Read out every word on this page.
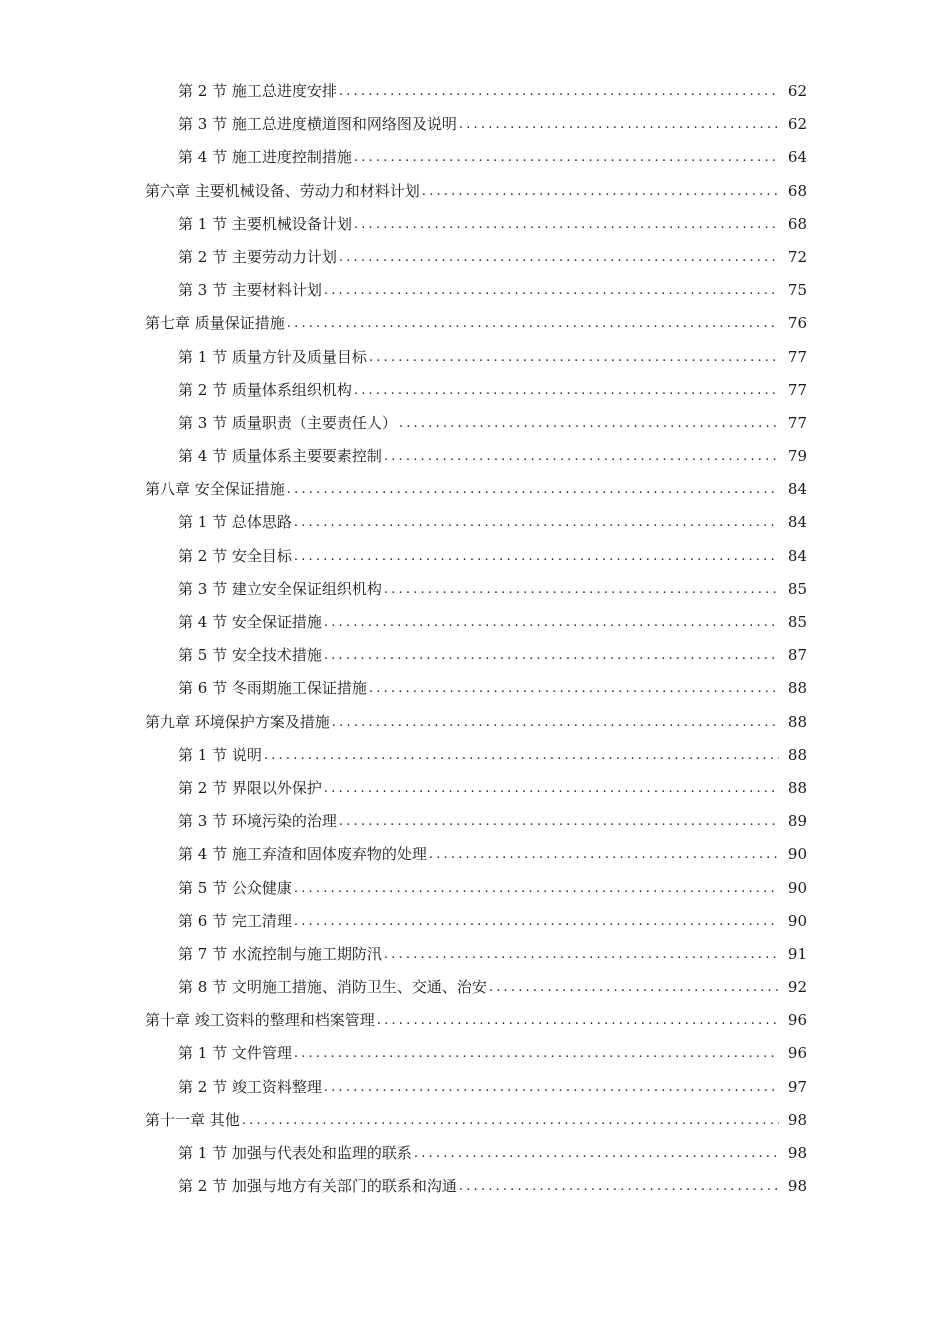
第 2 节 施工总进度安排 .....	62
第 3 节 施工总进度横道图和网络图及说明 .....	62
第 4 节 施工进度控制措施 .....	64
第六章 主要机械设备、劳动力和材料计划 .....	68
第 1 节 主要机械设备计划 .....	68
第 2 节 主要劳动力计划 .....	72
第 3 节 主要材料计划 .....	75
第七章 质量保证措施 .....	76
第 1 节 质量方针及质量目标 .....	77
第 2 节 质量体系组织机构 .....	77
第 3 节 质量职责（主要责任人） .....	77
第 4 节 质量体系主要要素控制 .....	79
第八章 安全保证措施 .....	84
第 1 节 总体思路 .....	84
第 2 节 安全目标 .....	84
第 3 节 建立安全保证组织机构 .....	85
第 4 节 安全保证措施 .....	85
第 5 节 安全技术措施 .....	87
第 6 节 冬雨期施工保证措施 .....	88
第九章 环境保护方案及措施 .....	88
第 1 节 说明 .....	88
第 2 节 界限以外保护 .....	88
第 3 节 环境污染的治理 .....	89
第 4 节 施工弃渣和固体废弃物的处理 .....	90
第 5 节 公众健康 .....	90
第 6 节 完工清理 .....	90
第 7 节 水流控制与施工期防汛 .....	91
第 8 节 文明施工措施、消防卫生、交通、治安 .....	92
第十章 竣工资料的整理和档案管理 .....	96
第 1 节 文件管理 .....	96
第 2 节 竣工资料整理 .....	97
第十一章 其他 .....	98
第 1 节 加强与代表处和监理的联系 .....	98
第 2 节 加强与地方有关部门的联系和沟通 .....	98
